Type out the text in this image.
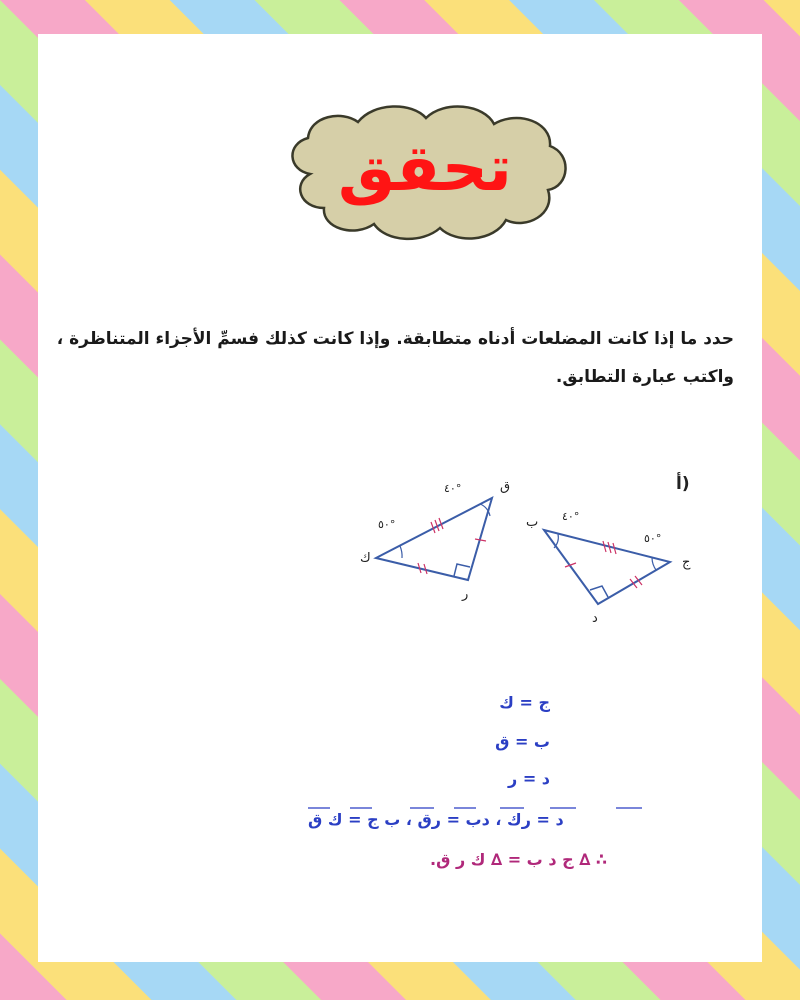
تحقق
حدد ما إذا كانت المضلعات أدناه متطابقة. وإذا كانت كذلك فسمِّ الأجزاء المتناظرة ، واكتب عبارة التطابق.
أ)
ق
ك
ر
٤٠°
٥٠°	ب
ج
د
٤٠°
٥٠°
ج = ك
ب = ق
د = ر
د = رك ، دب = رق ، ب ج = ك ق
∴ ∆ ج د ب = ∆ ك ر ق.
